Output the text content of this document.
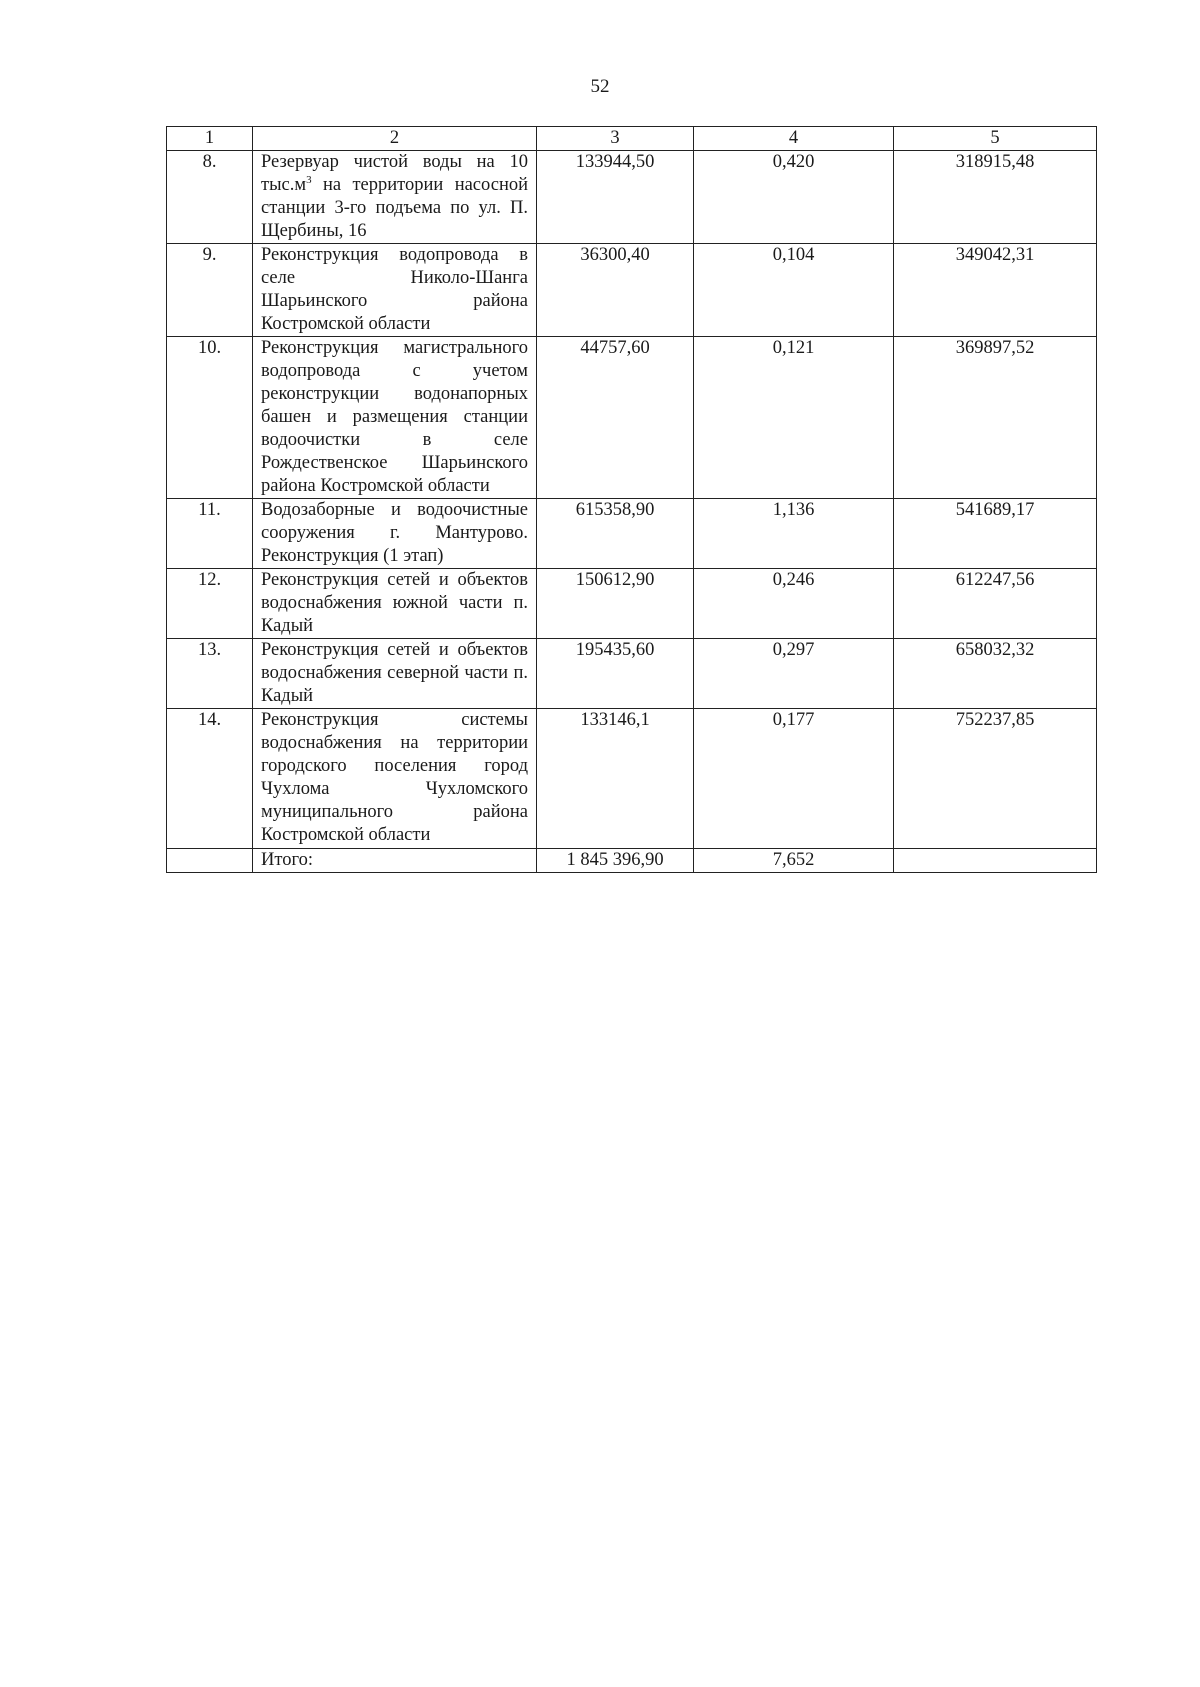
52
1	2	3	4	5
8.	Резервуар чистой воды на 10 $тыс.м^3$ на территории насосной станции 3-го подъема по ул. П. Щербины, 16	133944,50	0,420	318915,48
9.	Реконструкция водопровода в селе Николо-Шанга Шарьинского района Костромской области	36300,40	0,104	349042,31
10.	Реконструкция магистрального водопровода с учетом реконструкции водонапорных башен и размещения станции водоочистки в селе Рождественское Шарьинского района Костромской области	44757,60	0,121	369897,52
11.	Водозаборные и водоочистные сооружения г. Мантурово. Реконструкция (1 этап)	615358,90	1,136	541689,17
12.	Реконструкция сетей и объектов водоснабжения южной части п. Кадый	150612,90	0,246	612247,56
13.	Реконструкция сетей и объектов водоснабжения северной части п. Кадый	195435,60	0,297	658032,32
14.	Реконструкция системы водоснабжения на территории городского поселения город Чухлома Чухломского муниципального района Костромской области	133146,1	0,177	752237,85
	Итого:	1 845 396,90	7,652	
